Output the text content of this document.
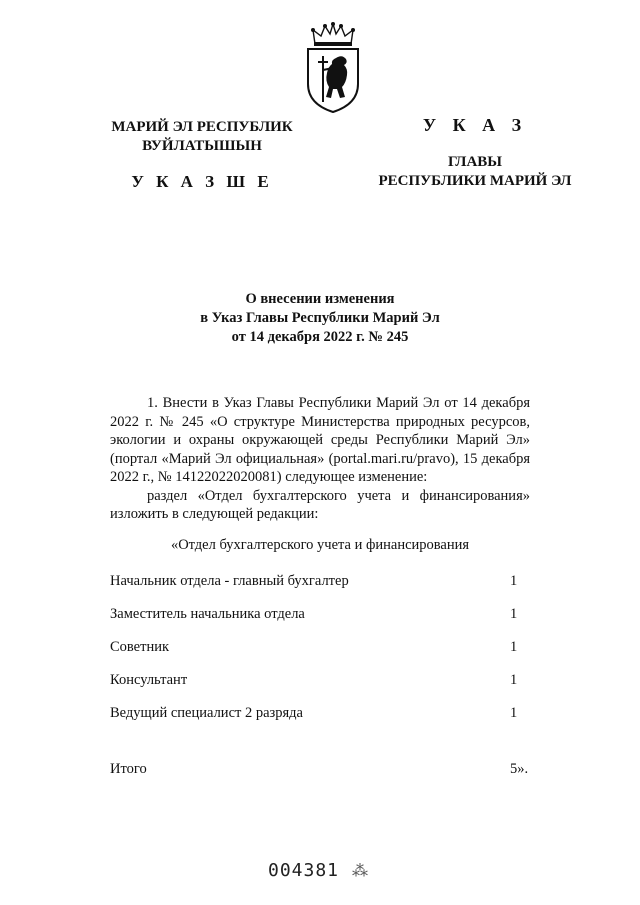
МАРИЙ ЭЛ РЕСПУБЛИК
ВУЙЛАТЫШЫН
У К А З Ш Е
У К А З
ГЛАВЫ
РЕСПУБЛИКИ МАРИЙ ЭЛ
О внесении изменения
в Указ Главы Республики Марий Эл
от 14 декабря 2022 г. № 245

1. Внести в Указ Главы Республики Марий Эл от 14 декабря 2022 г. № 245 «О структуре Министерства природных ресурсов, экологии и охраны окружающей среды Республики Марий Эл» (портал «Марий Эл официальная» (portal.mari.ru/pravo), 15 декабря 2022 г., № 14122022020081) следующее изменение:

раздел «Отдел бухгалтерского учета и финансирования» изложить в следующей редакции:

«Отдел бухгалтерского учета и финансирования
Начальник отдела - главный бухгалтер	1
Заместитель начальника отдела	1
Советник	1
Консультант	1
Ведущий специалист 2 разряда	1
Итого	5».
004381 ⁂
